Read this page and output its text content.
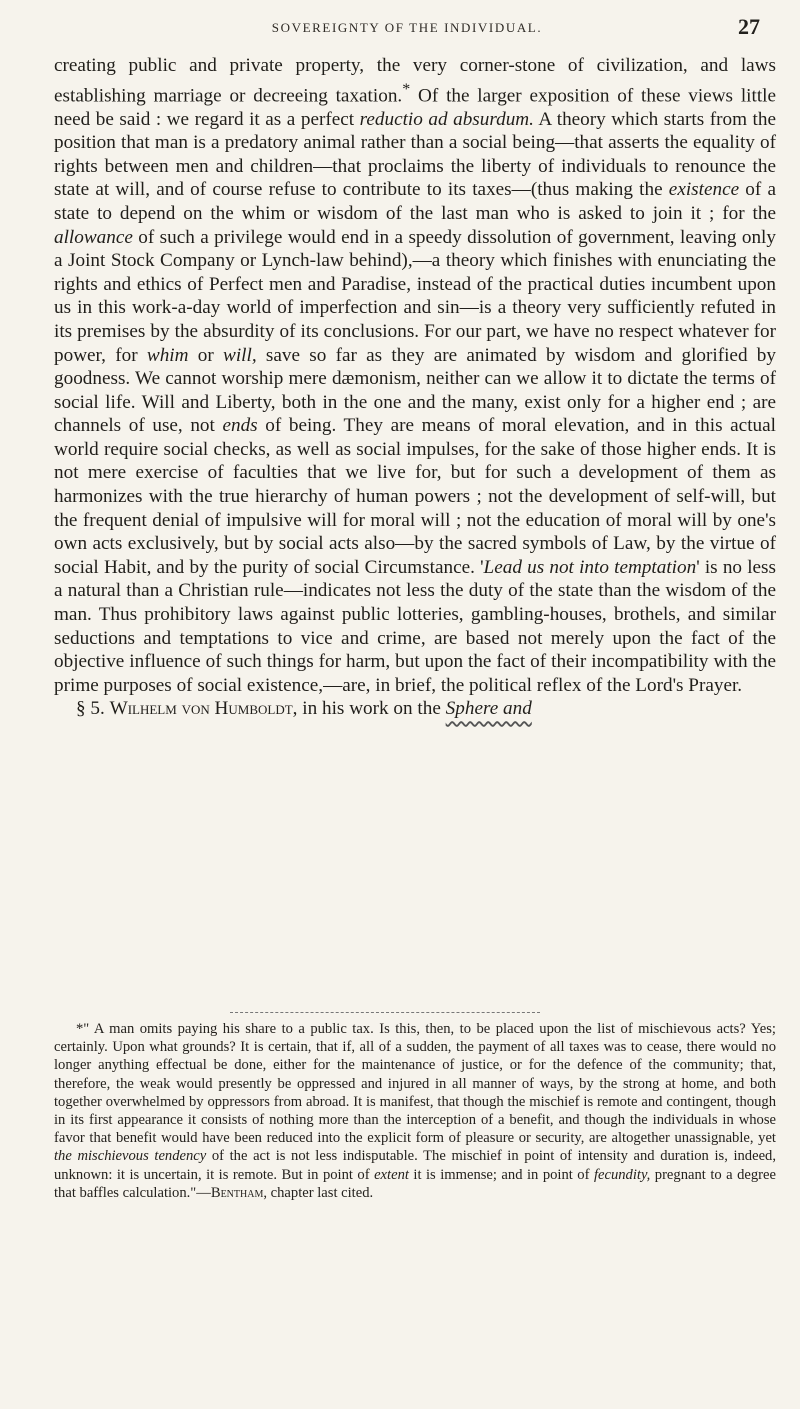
SOVEREIGNTY OF THE INDIVIDUAL.	27

creating public and private property, the very corner-stone of civilization, and laws establishing marriage or decreeing taxation.* Of the larger exposition of these views little need be said : we regard it as a perfect reductio ad absurdum. A theory which starts from the position that man is a predatory animal rather than a social being—that asserts the equality of rights between men and children—that proclaims the liberty of individuals to renounce the state at will, and of course refuse to contribute to its taxes—(thus making the existence of a state to depend on the whim or wisdom of the last man who is asked to join it ; for the allowance of such a privilege would end in a speedy dissolution of government, leaving only a Joint Stock Company or Lynch-law behind),—a theory which finishes with enunciating the rights and ethics of Perfect men and Paradise, instead of the practical duties incumbent upon us in this work-a-day world of imperfection and sin—is a theory very sufficiently refuted in its premises by the absurdity of its conclusions. For our part, we have no respect whatever for power, for whim or will, save so far as they are animated by wisdom and glorified by goodness. We cannot worship mere dæmonism, neither can we allow it to dictate the terms of social life. Will and Liberty, both in the one and the many, exist only for a higher end ; are channels of use, not ends of being. They are means of moral elevation, and in this actual world require social checks, as well as social impulses, for the sake of those higher ends. It is not mere exercise of faculties that we live for, but for such a development of them as harmonizes with the true hierarchy of human powers ; not the development of self-will, but the frequent denial of impulsive will for moral will ; not the education of moral will by one's own acts exclusively, but by social acts also—by the sacred symbols of Law, by the virtue of social Habit, and by the purity of social Circumstance. 'Lead us not into temptation' is no less a natural than a Christian rule—indicates not less the duty of the state than the wisdom of the man. Thus prohibitory laws against public lotteries, gambling-houses, brothels, and similar seductions and temptations to vice and crime, are based not merely upon the fact of the objective influence of such things for harm, but upon the fact of their incompatibility with the prime purposes of social existence,—are, in brief, the political reflex of the Lord's Prayer.

§ 5. Wilhelm von Humboldt, in his work on the Sphere and

*" A man omits paying his share to a public tax. Is this, then, to be placed upon the list of mischievous acts? Yes; certainly. Upon what grounds? It is certain, that if, all of a sudden, the payment of all taxes was to cease, there would no longer anything effectual be done, either for the maintenance of justice, or for the defence of the community; that, therefore, the weak would presently be oppressed and injured in all manner of ways, by the strong at home, and both together overwhelmed by oppressors from abroad. It is manifest, that though the mischief is remote and contingent, though in its first appearance it consists of nothing more than the interception of a benefit, and though the individuals in whose favor that benefit would have been reduced into the explicit form of pleasure or security, are altogether unassignable, yet the mischievous tendency of the act is not less indisputable. The mischief in point of intensity and duration is, indeed, unknown: it is uncertain, it is remote. But in point of extent it is immense; and in point of fecundity, pregnant to a degree that baffles calculation."—Bentham, chapter last cited.
